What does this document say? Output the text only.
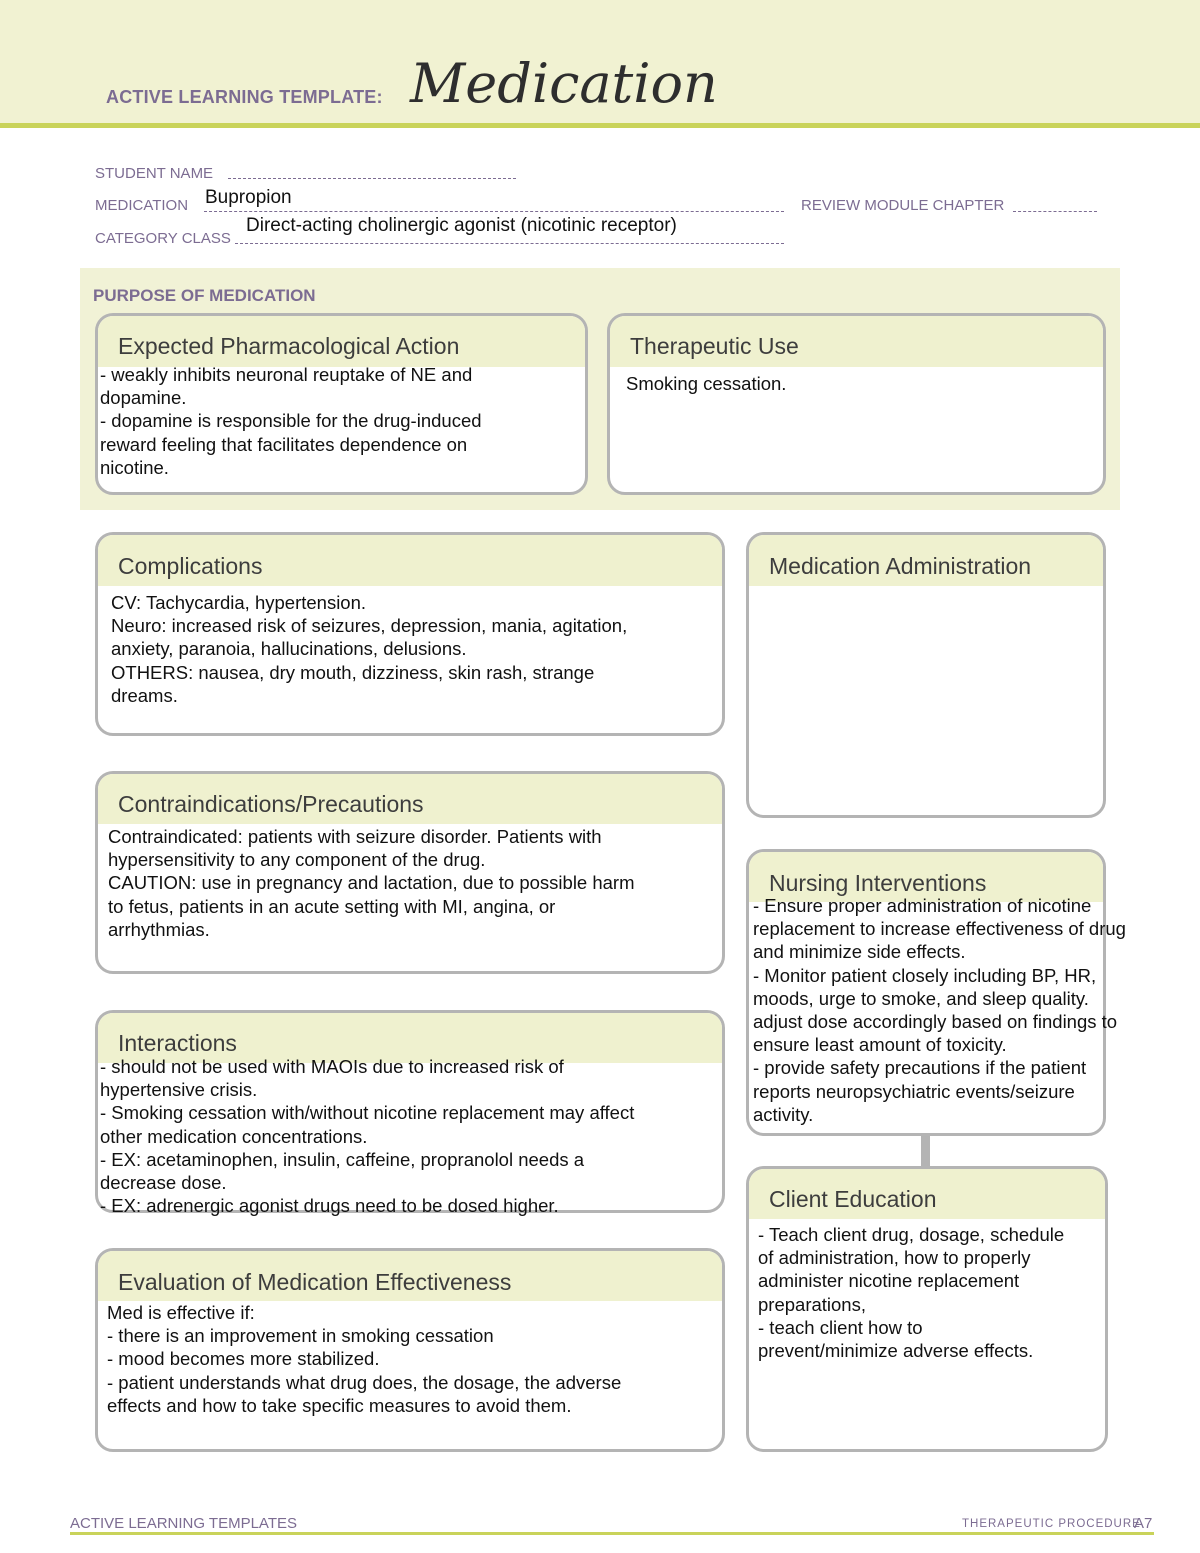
ACTIVE LEARNING TEMPLATE: Medication
STUDENT NAME
MEDICATION Bupropion	REVIEW MODULE CHAPTER
CATEGORY CLASS
Direct-acting cholinergic agonist (nicotinic receptor)
PURPOSE OF MEDICATION
Expected Pharmacological Action
- weakly inhibits neuronal reuptake of NE and
dopamine.
- dopamine is responsible for the drug-induced
reward feeling that facilitates dependence on
nicotine.
Therapeutic Use
Smoking cessation.
Complications
CV: Tachycardia, hypertension.
Neuro: increased risk of seizures, depression, mania, agitation,
anxiety, paranoia, hallucinations, delusions.
OTHERS: nausea, dry mouth, dizziness, skin rash, strange
dreams.
Medication Administration
Contraindications/Precautions
Contraindicated: patients with seizure disorder. Patients with
hypersensitivity to any component of the drug.
CAUTION: use in pregnancy and lactation, due to possible harm
to fetus, patients in an acute setting with MI, angina, or
arrhythmias.
Nursing Interventions
- Ensure proper administration of nicotine
replacement to increase effectiveness of drug
and minimize side effects.
- Monitor patient closely including BP, HR,
moods, urge to smoke, and sleep quality.
adjust dose accordingly based on findings to
ensure least amount of toxicity.
- provide safety precautions if the patient
reports neuropsychiatric events/seizure
activity.
Interactions
- should not be used with MAOIs due to increased risk of
hypertensive crisis.
- Smoking cessation with/without nicotine replacement may affect
other medication concentrations.
- EX: acetaminophen, insulin, caffeine, propranolol needs a
decrease dose.
- EX: adrenergic agonist drugs need to be dosed higher.	Client Education
- Teach client drug, dosage, schedule
of administration, how to properly
administer nicotine replacement
preparations,
- teach client how to
prevent/minimize adverse effects.
Evaluation of Medication Effectiveness
Med is effective if:
- there is an improvement in smoking cessation
- mood becomes more stabilized.
- patient understands what drug does, the dosage, the adverse
effects and how to take specific measures to avoid them.
ACTIVE LEARNING TEMPLATES	THERAPEUTIC PROCEDURE
A7
